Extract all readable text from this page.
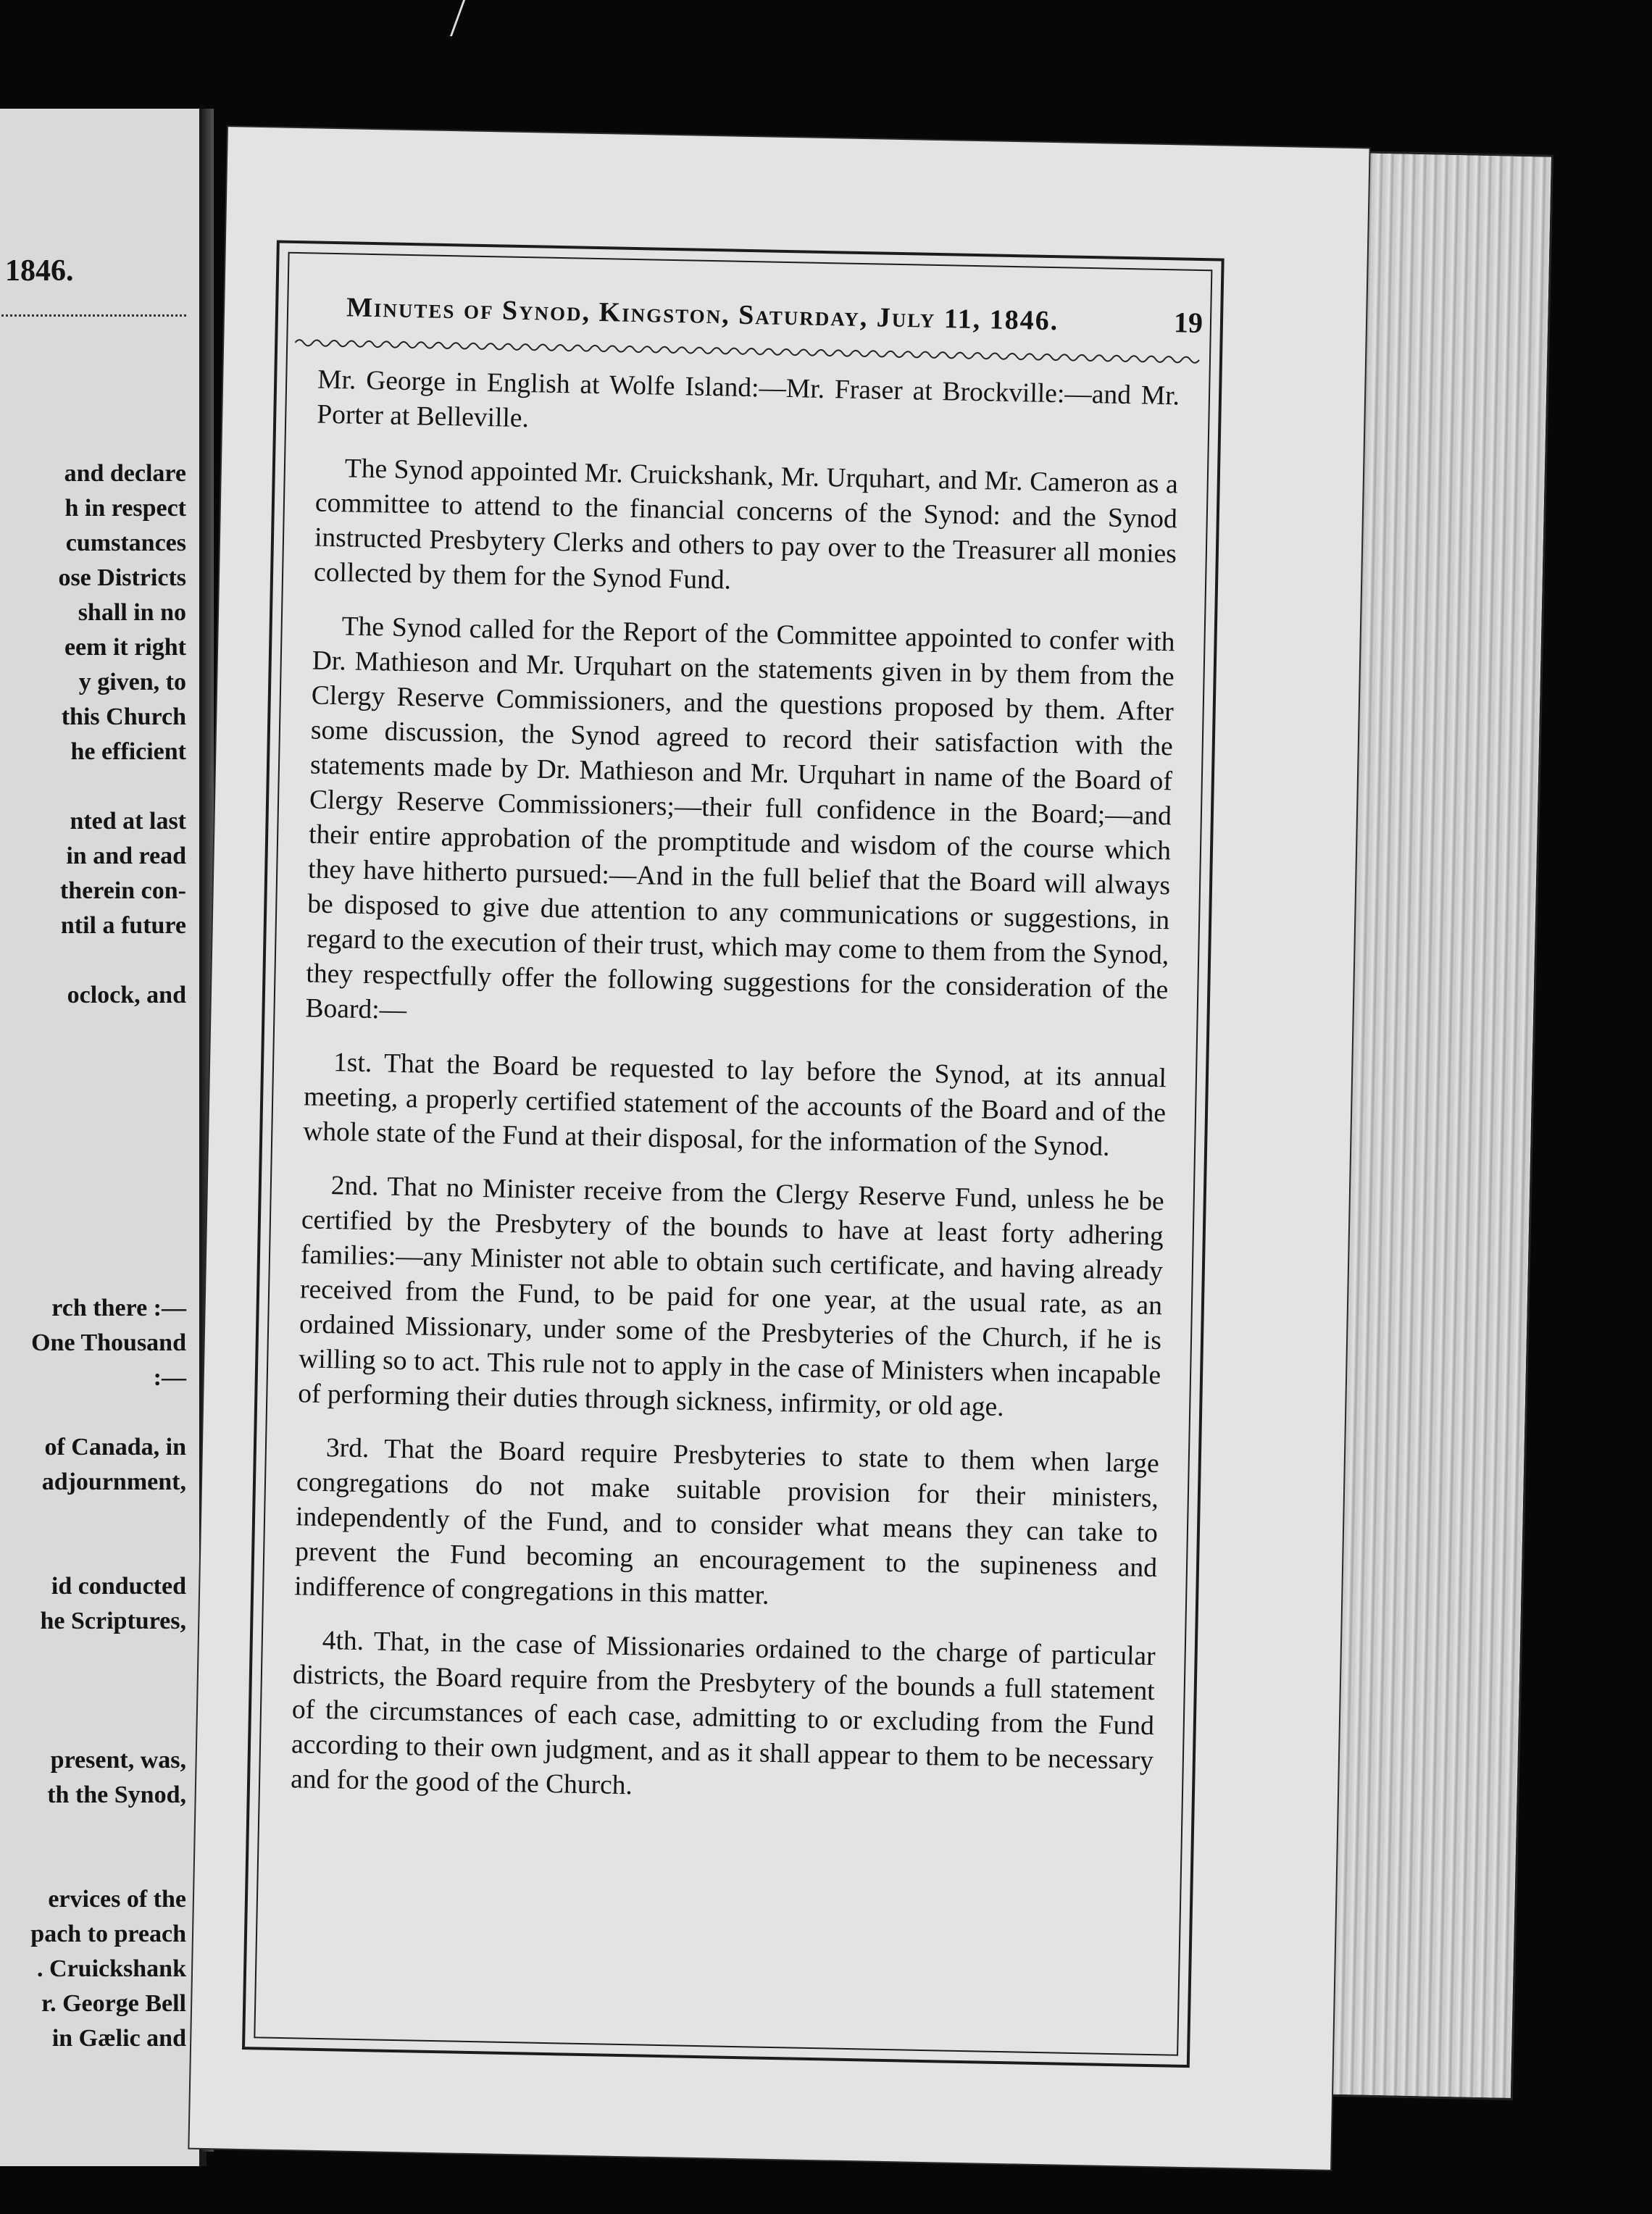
1846.
and declare
h in respect
cumstances
ose Districts
shall in no
eem it right
y given, to
this Church
he efficient

nted at last
in and read
therein con-
ntil a future

oclock, and

rch there :—
One Thousand
:—

of Canada, in
adjournment,

id conducted
he Scriptures,

present, was,
th the Synod,

ervices of the
pach to preach
. Cruickshank
r. George Bell
in Gælic and
Minutes of Synod, Kingston, Saturday, July 11, 1846.	19

Mr. George in English at Wolfe Island:—Mr. Fraser at Brockville:—and Mr. Porter at Belleville.

The Synod appointed Mr. Cruickshank, Mr. Urquhart, and Mr. Cameron as a committee to attend to the financial concerns of the Synod: and the Synod instructed Presbytery Clerks and others to pay over to the Treasurer all monies collected by them for the Synod Fund.

The Synod called for the Report of the Committee appointed to confer with Dr. Mathieson and Mr. Urquhart on the statements given in by them from the Clergy Reserve Commissioners, and the questions proposed by them. After some discussion, the Synod agreed to record their satisfaction with the statements made by Dr. Mathieson and Mr. Urquhart in name of the Board of Clergy Reserve Commissioners;—their full confidence in the Board;—and their entire approbation of the promptitude and wisdom of the course which they have hitherto pursued:—And in the full belief that the Board will always be disposed to give due attention to any communications or suggestions, in regard to the execution of their trust, which may come to them from the Synod, they respectfully offer the following suggestions for the consideration of the Board:—

1st. That the Board be requested to lay before the Synod, at its annual meeting, a properly certified statement of the accounts of the Board and of the whole state of the Fund at their disposal, for the information of the Synod.

2nd. That no Minister receive from the Clergy Reserve Fund, unless he be certified by the Presbytery of the bounds to have at least forty adhering families:—any Minister not able to obtain such certificate, and having already received from the Fund, to be paid for one year, at the usual rate, as an ordained Missionary, under some of the Presbyteries of the Church, if he is willing so to act. This rule not to apply in the case of Ministers when incapable of performing their duties through sickness, infirmity, or old age.

3rd. That the Board require Presbyteries to state to them when large congregations do not make suitable provision for their ministers, independently of the Fund, and to consider what means they can take to prevent the Fund becoming an encouragement to the supineness and indifference of congregations in this matter.

4th. That, in the case of Missionaries ordained to the charge of particular districts, the Board require from the Presbytery of the bounds a full statement of the circumstances of each case, admitting to or excluding from the Fund according to their own judgment, and as it shall appear to them to be necessary and for the good of the Church.
